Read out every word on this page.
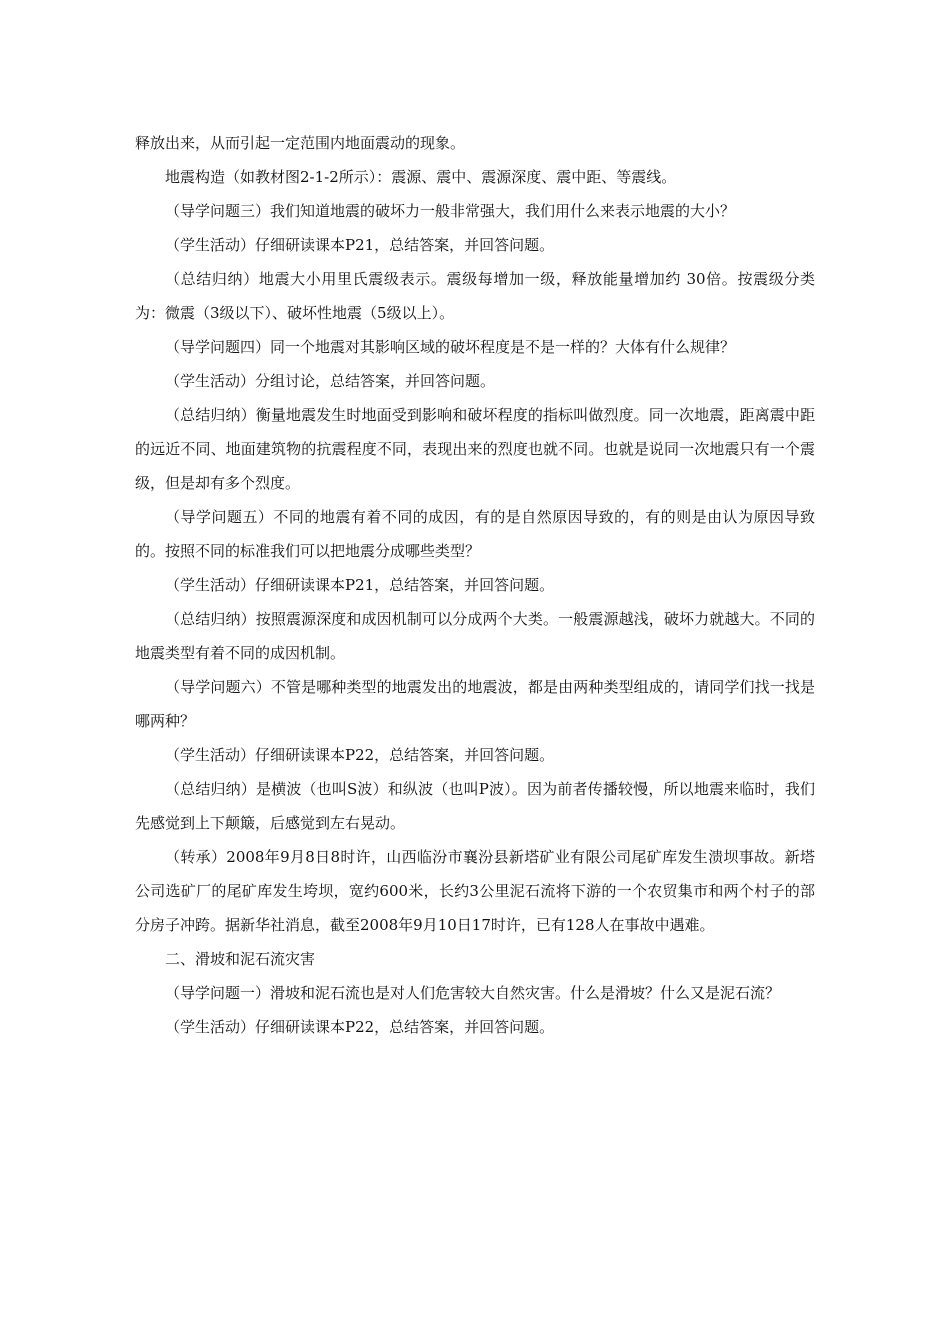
释放出来，从而引起一定范围内地面震动的现象。

地震构造（如教材图2-1-2所示）：震源、震中、震源深度、震中距、等震线。

（导学问题三）我们知道地震的破坏力一般非常强大，我们用什么来表示地震的大小？

（学生活动）仔细研读课本P21，总结答案，并回答问题。

（总结归纳）地震大小用里氏震级表示。震级每增加一级，释放能量增加约 30倍。按震级分类为：微震（3级以下）、破坏性地震（5级以上）。

（导学问题四）同一个地震对其影响区域的破坏程度是不是一样的？大体有什么规律？

（学生活动）分组讨论，总结答案，并回答问题。

（总结归纳）衡量地震发生时地面受到影响和破坏程度的指标叫做烈度。同一次地震，距离震中距的远近不同、地面建筑物的抗震程度不同，表现出来的烈度也就不同。也就是说同一次地震只有一个震级，但是却有多个烈度。

（导学问题五）不同的地震有着不同的成因，有的是自然原因导致的，有的则是由认为原因导致的。按照不同的标准我们可以把地震分成哪些类型？

（学生活动）仔细研读课本P21，总结答案，并回答问题。

（总结归纳）按照震源深度和成因机制可以分成两个大类。一般震源越浅，破坏力就越大。不同的地震类型有着不同的成因机制。

（导学问题六）不管是哪种类型的地震发出的地震波，都是由两种类型组成的，请同学们找一找是哪两种？

（学生活动）仔细研读课本P22，总结答案，并回答问题。

（总结归纳）是横波（也叫S波）和纵波（也叫P波）。因为前者传播较慢，所以地震来临时，我们先感觉到上下颠簸，后感觉到左右晃动。

（转承）2008年9月8日8时许，山西临汾市襄汾县新塔矿业有限公司尾矿库发生溃坝事故。新塔公司选矿厂的尾矿库发生垮坝，宽约600米，长约3公里泥石流将下游的一个农贸集市和两个村子的部分房子冲跨。据新华社消息，截至2008年9月10日17时许，已有128人在事故中遇难。

二、滑坡和泥石流灾害

（导学问题一）滑坡和泥石流也是对人们危害较大自然灾害。什么是滑坡？什么又是泥石流？

（学生活动）仔细研读课本P22，总结答案，并回答问题。
